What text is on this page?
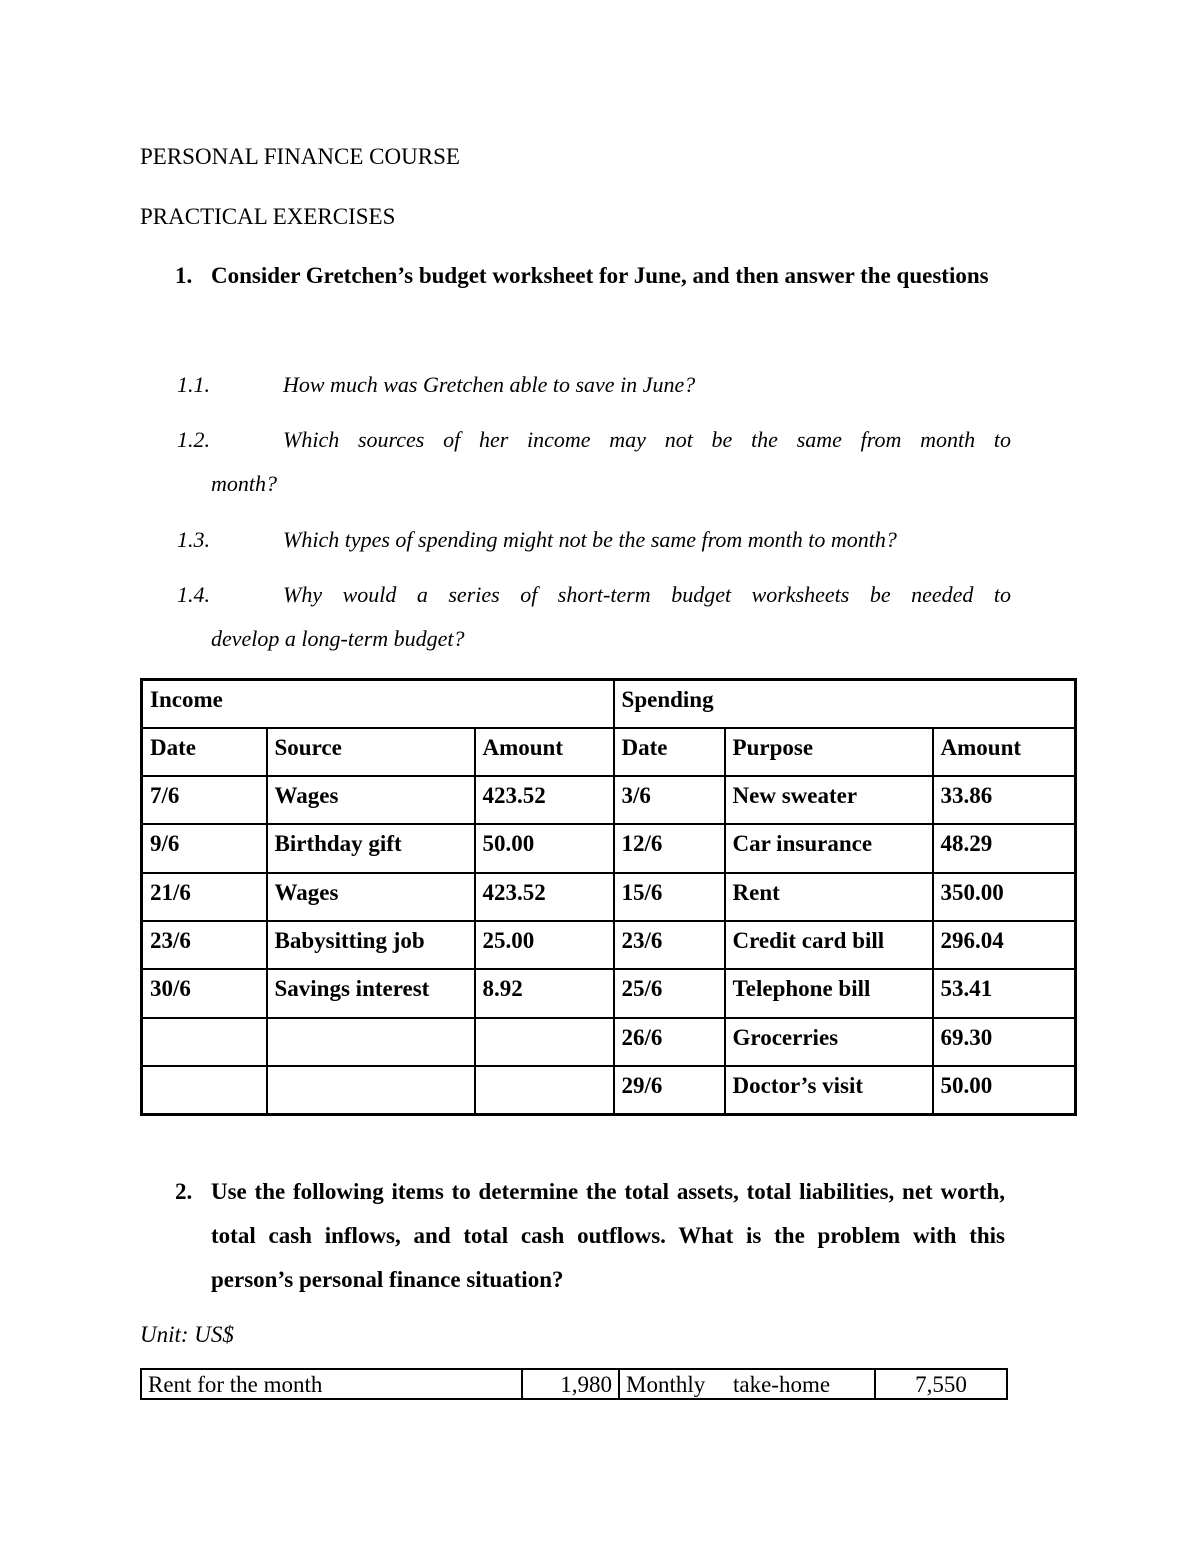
PERSONAL FINANCE COURSE
PRACTICAL EXERCISES
1. Consider Gretchen’s budget worksheet for June, and then answer the questions
1.1.	How much was Gretchen able to save in June?
1.2.	Which sources of her income may not be the same from month to
month?
1.3.	Which types of spending might not be the same from month to month?
1.4.	Why would a series of short-term budget worksheets be needed to
develop a long-term budget?
Income			Spending		
Date	Source	Amount	Date	Purpose	Amount
7/6	Wages	423.52	3/6	New sweater	33.86
9/6	Birthday gift	50.00	12/6	Car insurance	48.29
21/6	Wages	423.52	15/6	Rent	350.00
23/6	Babysitting job	25.00	23/6	Credit card bill	296.04
30/6	Savings interest	8.92	25/6	Telephone bill	53.41
			26/6	Grocerries	69.30
			29/6	Doctor’s visit	50.00
2. Use the following items to determine the total assets, total liabilities, net worth, total cash inflows, and total cash outflows. What is the problem with this person’s personal finance situation?
Unit: US$
Rent for the month	1,980	Monthly take-home	7,550
